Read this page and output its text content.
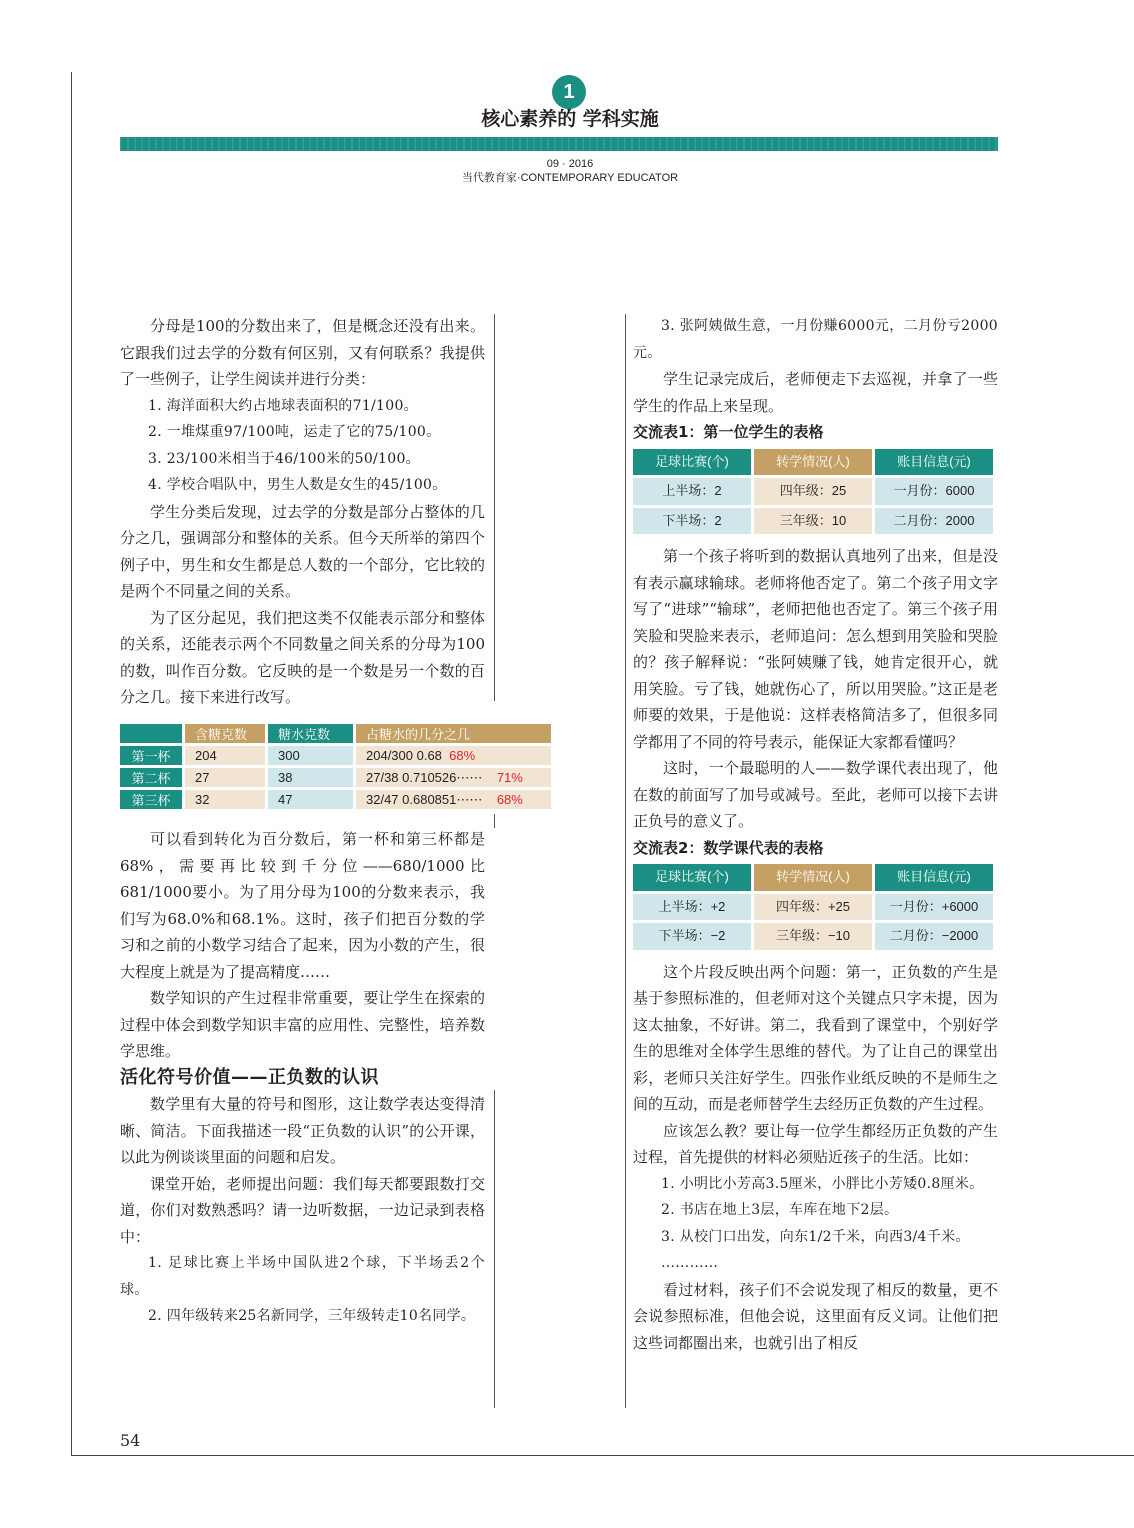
1
核心素养的 学科实施
09 · 2016
当代教育家·CONTEMPORARY EDUCATOR

分母是100的分数出来了，但是概念还没有出来。它跟我们过去学的分数有何区别，又有何联系？我提供了一些例子，让学生阅读并进行分类：

1. 海洋面积大约占地球表面积的71/100。

2. 一堆煤重97/100吨，运走了它的75/100。

3. 23/100米相当于46/100米的50/100。

4. 学校合唱队中，男生人数是女生的45/100。

学生分类后发现，过去学的分数是部分占整体的几分之几，强调部分和整体的关系。但今天所举的第四个例子中，男生和女生都是总人数的一个部分，它比较的是两个不同量之间的关系。

为了区分起见，我们把这类不仅能表示部分和整体的关系，还能表示两个不同数量之间关系的分母为100的数，叫作百分数。它反映的是一个数是另一个数的百分之几。接下来进行改写。

	含糖克数	糖水克数	占糖水的几分之几
第一杯	204	300	204/300 0.68 68%
第二杯	27	38	27/38 0.710526⋯⋯ 71%
第三杯	32	47	32/47 0.680851⋯⋯ 68%

可以看到转化为百分数后，第一杯和第三杯都是68%，需要再比较到千分位——680/1000比681/1000要小。为了用分母为100的分数来表示，我们写为68.0%和68.1%。这时，孩子们把百分数的学习和之前的小数学习结合了起来，因为小数的产生，很大程度上就是为了提高精度……

数学知识的产生过程非常重要，要让学生在探索的过程中体会到数学知识丰富的应用性、完整性，培养数学思维。

活化符号价值——正负数的认识

数学里有大量的符号和图形，这让数学表达变得清晰、简洁。下面我描述一段“正负数的认识”的公开课，以此为例谈谈里面的问题和启发。

课堂开始，老师提出问题：我们每天都要跟数打交道，你们对数熟悉吗？请一边听数据，一边记录到表格中：

1. 足球比赛上半场中国队进2个球，下半场丢2个球。

2. 四年级转来25名新同学，三年级转走10名同学。

3. 张阿姨做生意，一月份赚6000元，二月份亏2000元。

学生记录完成后，老师便走下去巡视，并拿了一些学生的作品上来呈现。

交流表1：第一位学生的表格

足球比赛(个)	转学情况(人)	账目信息(元)
上半场：2	四年级：25	一月份：6000
下半场：2	三年级：10	二月份：2000

第一个孩子将听到的数据认真地列了出来，但是没有表示赢球输球。老师将他否定了。第二个孩子用文字写了“进球”“输球”，老师把他也否定了。第三个孩子用笑脸和哭脸来表示，老师追问：怎么想到用笑脸和哭脸的？孩子解释说：“张阿姨赚了钱，她肯定很开心，就用笑脸。亏了钱，她就伤心了，所以用哭脸。”这正是老师要的效果，于是他说：这样表格简洁多了，但很多同学都用了不同的符号表示，能保证大家都看懂吗？

这时，一个最聪明的人——数学课代表出现了，他在数的前面写了加号或减号。至此，老师可以接下去讲正负号的意义了。

交流表2：数学课代表的表格

足球比赛(个)	转学情况(人)	账目信息(元)
上半场：+2	四年级：+25	一月份：+6000
下半场：−2	三年级：−10	二月份：−2000

这个片段反映出两个问题：第一，正负数的产生是基于参照标准的，但老师对这个关键点只字未提，因为这太抽象，不好讲。第二，我看到了课堂中，个别好学生的思维对全体学生思维的替代。为了让自己的课堂出彩，老师只关注好学生。四张作业纸反映的不是师生之间的互动，而是老师替学生去经历正负数的产生过程。

应该怎么教？要让每一位学生都经历正负数的产生过程，首先提供的材料必须贴近孩子的生活。比如：

1. 小明比小芳高3.5厘米，小胖比小芳矮0.8厘米。

2. 书店在地上3层，车库在地下2层。

3. 从校门口出发，向东1/2千米，向西3/4千米。

…………

看过材料，孩子们不会说发现了相反的数量，更不会说参照标准，但他会说，这里面有反义词。让他们把这些词都圈出来，也就引出了相反

54
